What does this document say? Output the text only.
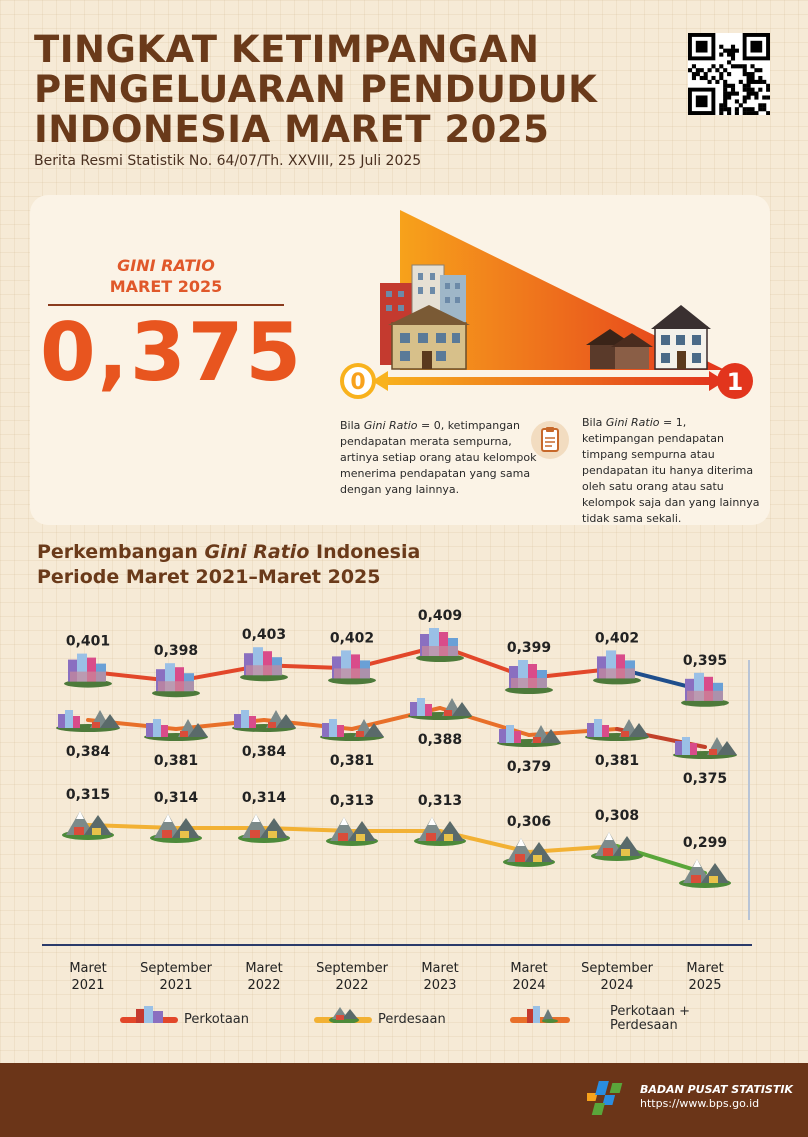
TINGKAT KETIMPANGAN
PENGELUARAN PENDUDUK
INDONESIA MARET 2025
Berita Resmi Statistik No. 64/07/Th. XXVIII, 25 Juli 2025
GINI RATIO
MARET 2025
0,375 0	1
Bila Gini Ratio = 0, ketimpangan pendapatan merata sempurna, artinya setiap orang atau kelompok menerima pendapatan yang sama dengan yang lainnya.
Bila Gini Ratio = 1, ketimpangan pendapatan timpang sempurna atau pendapatan itu hanya diterima oleh satu orang atau satu kelompok saja dan yang lainnya tidak sama sekali.
Perkembangan Gini Ratio Indonesia
Periode Maret 2021–Maret 2025
0,401
0,398
0,403	0,402
0,409
0,399
0,402
0,395
0,384
0,381
0,384
0,381
0,388
0,379	0,381
0,375
0,315	0,314	0,314	0,313	0,313
0,306	0,308
0,299
Maret 2021
September 2021
Maret 2022
September 2022
Maret 2023
Maret 2024
September 2024
Maret 2025
Perkotaan	Perdesaan
Perkotaan +
Perdesaan
BADAN PUSAT STATISTIK
https://www.bps.go.id
